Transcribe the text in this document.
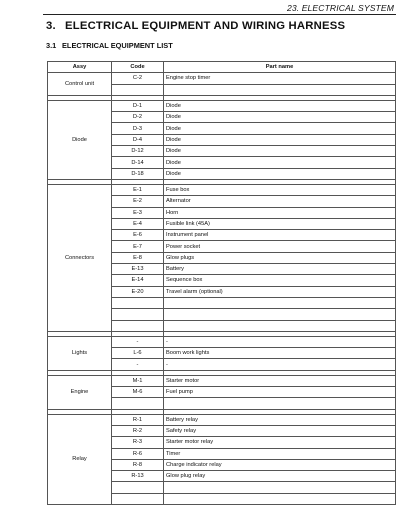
23. ELECTRICAL SYSTEM
3. ELECTRICAL EQUIPMENT AND WIRING HARNESS
3.1 ELECTRICAL EQUIPMENT LIST
Assy	Code	Part name
Control unit	C-2	Engine stop timer

Diode	D-1	Diode
	D-2	Diode
	D-3	Diode
	D-4	Diode
	D-12	Diode
	D-14	Diode
	D-18	Diode

Connectors	E-1	Fuse box
	E-2	Alternator
	E-3	Horn
	E-4	Fusible link (45A)
	E-6	Instrument panel
	E-7	Power socket
	E-8	Glow plugs
	E-13	Battery
	E-14	Sequence box
	E-20	Travel alarm (optional)

Lights	-	-
	L-6	Boom work lights
	-	-

Engine	M-1	Starter motor
	M-6	Fuel pump

Relay	R-1	Battery relay
	R-2	Safety relay
	R-3	Starter motor relay
	R-6	Timer
	R-8	Charge indicator relay
	R-13	Glow plug relay
